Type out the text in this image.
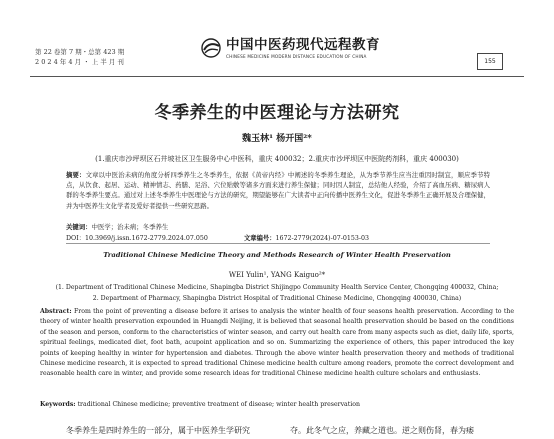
第 22 卷第 7 期・总第 423 期
2 0 2 4 年 4 月 ・ 上 半 月 刊
中国中医药现代远程教育
CHINESE MEDICINE MODERN DISTANCE EDUCATION OF CHINA
155
冬季养生的中医理论与方法研究
魏玉林¹ 杨开国²*
(1.重庆市沙坪坝区石井坡社区卫生服务中心中医科，重庆 400032；2.重庆市沙坪坝区中医院药剂科，重庆 400030)
摘要：文章以中医治未病的角度分析四季养生之冬季养生，依据《黄帝内经》中阐述的冬季养生理论，从为季节养生应当注重因时制宜，顺应季节特点，从饮食、起居、运动、精神情志、药膳、足浴、穴位贴敷等诸多方面来进行养生保健；同时因人制宜，总结他人经验，介绍了高血压病、糖尿病人群的冬季养生要点。通过对上述冬季养生中医理论与方法的研究，期望能够在广大读者中正向传播中医养生文化，促进冬季养生正确开展及合理保健，并为中医养生文化学者及爱好者提供一些研究思路。
关键词：中医学；治未病；冬季养生
DOI：10.3969/j.issn.1672-2779.2024.07.050	文章编号：1672-2779(2024)-07-0153-03
Traditional Chinese Medicine Theory and Methods Research of Winter Health Preservation
WEI Yulin¹, YANG Kaiguo²*
(1. Department of Traditional Chinese Medicine, Shapingba District Shijingpo Community Health Service Center, Chongqing 400032, China;
2. Department of Pharmacy, Shapingba District Hospital of Traditional Chinese Medicine, Chongqing 400030, China)
Abstract: From the point of preventing a disease before it arises to analysis the winter health of four seasons health preservation. According to the theory of winter health preservation expounded in Huangdi Neijing, it is believed that seasonal health preservation should be based on the conditions of the season and person, conform to the characteristics of winter season, and carry out health care from many aspects such as diet, daily life, sports, spiritual feelings, medicated diet, foot bath, acupoint application and so on. Summarizing the experience of others, this paper introduced the key points of keeping healthy in winter for hypertension and diabetes. Through the above winter health preservation theory and methods of traditional Chinese medicine research, it is expected to spread traditional Chinese medicine health culture among readers, promote the correct development and reasonable health care in winter, and provide some research ideas for traditional Chinese medicine health culture scholars and enthusiasts.
Keywords: traditional Chinese medicine; preventive treatment of disease; winter health preservation
冬季养生是四时养生的一部分，属于中医养生学研究	夺。此冬气之应，养藏之道也。逆之则伤肾，春为痿
